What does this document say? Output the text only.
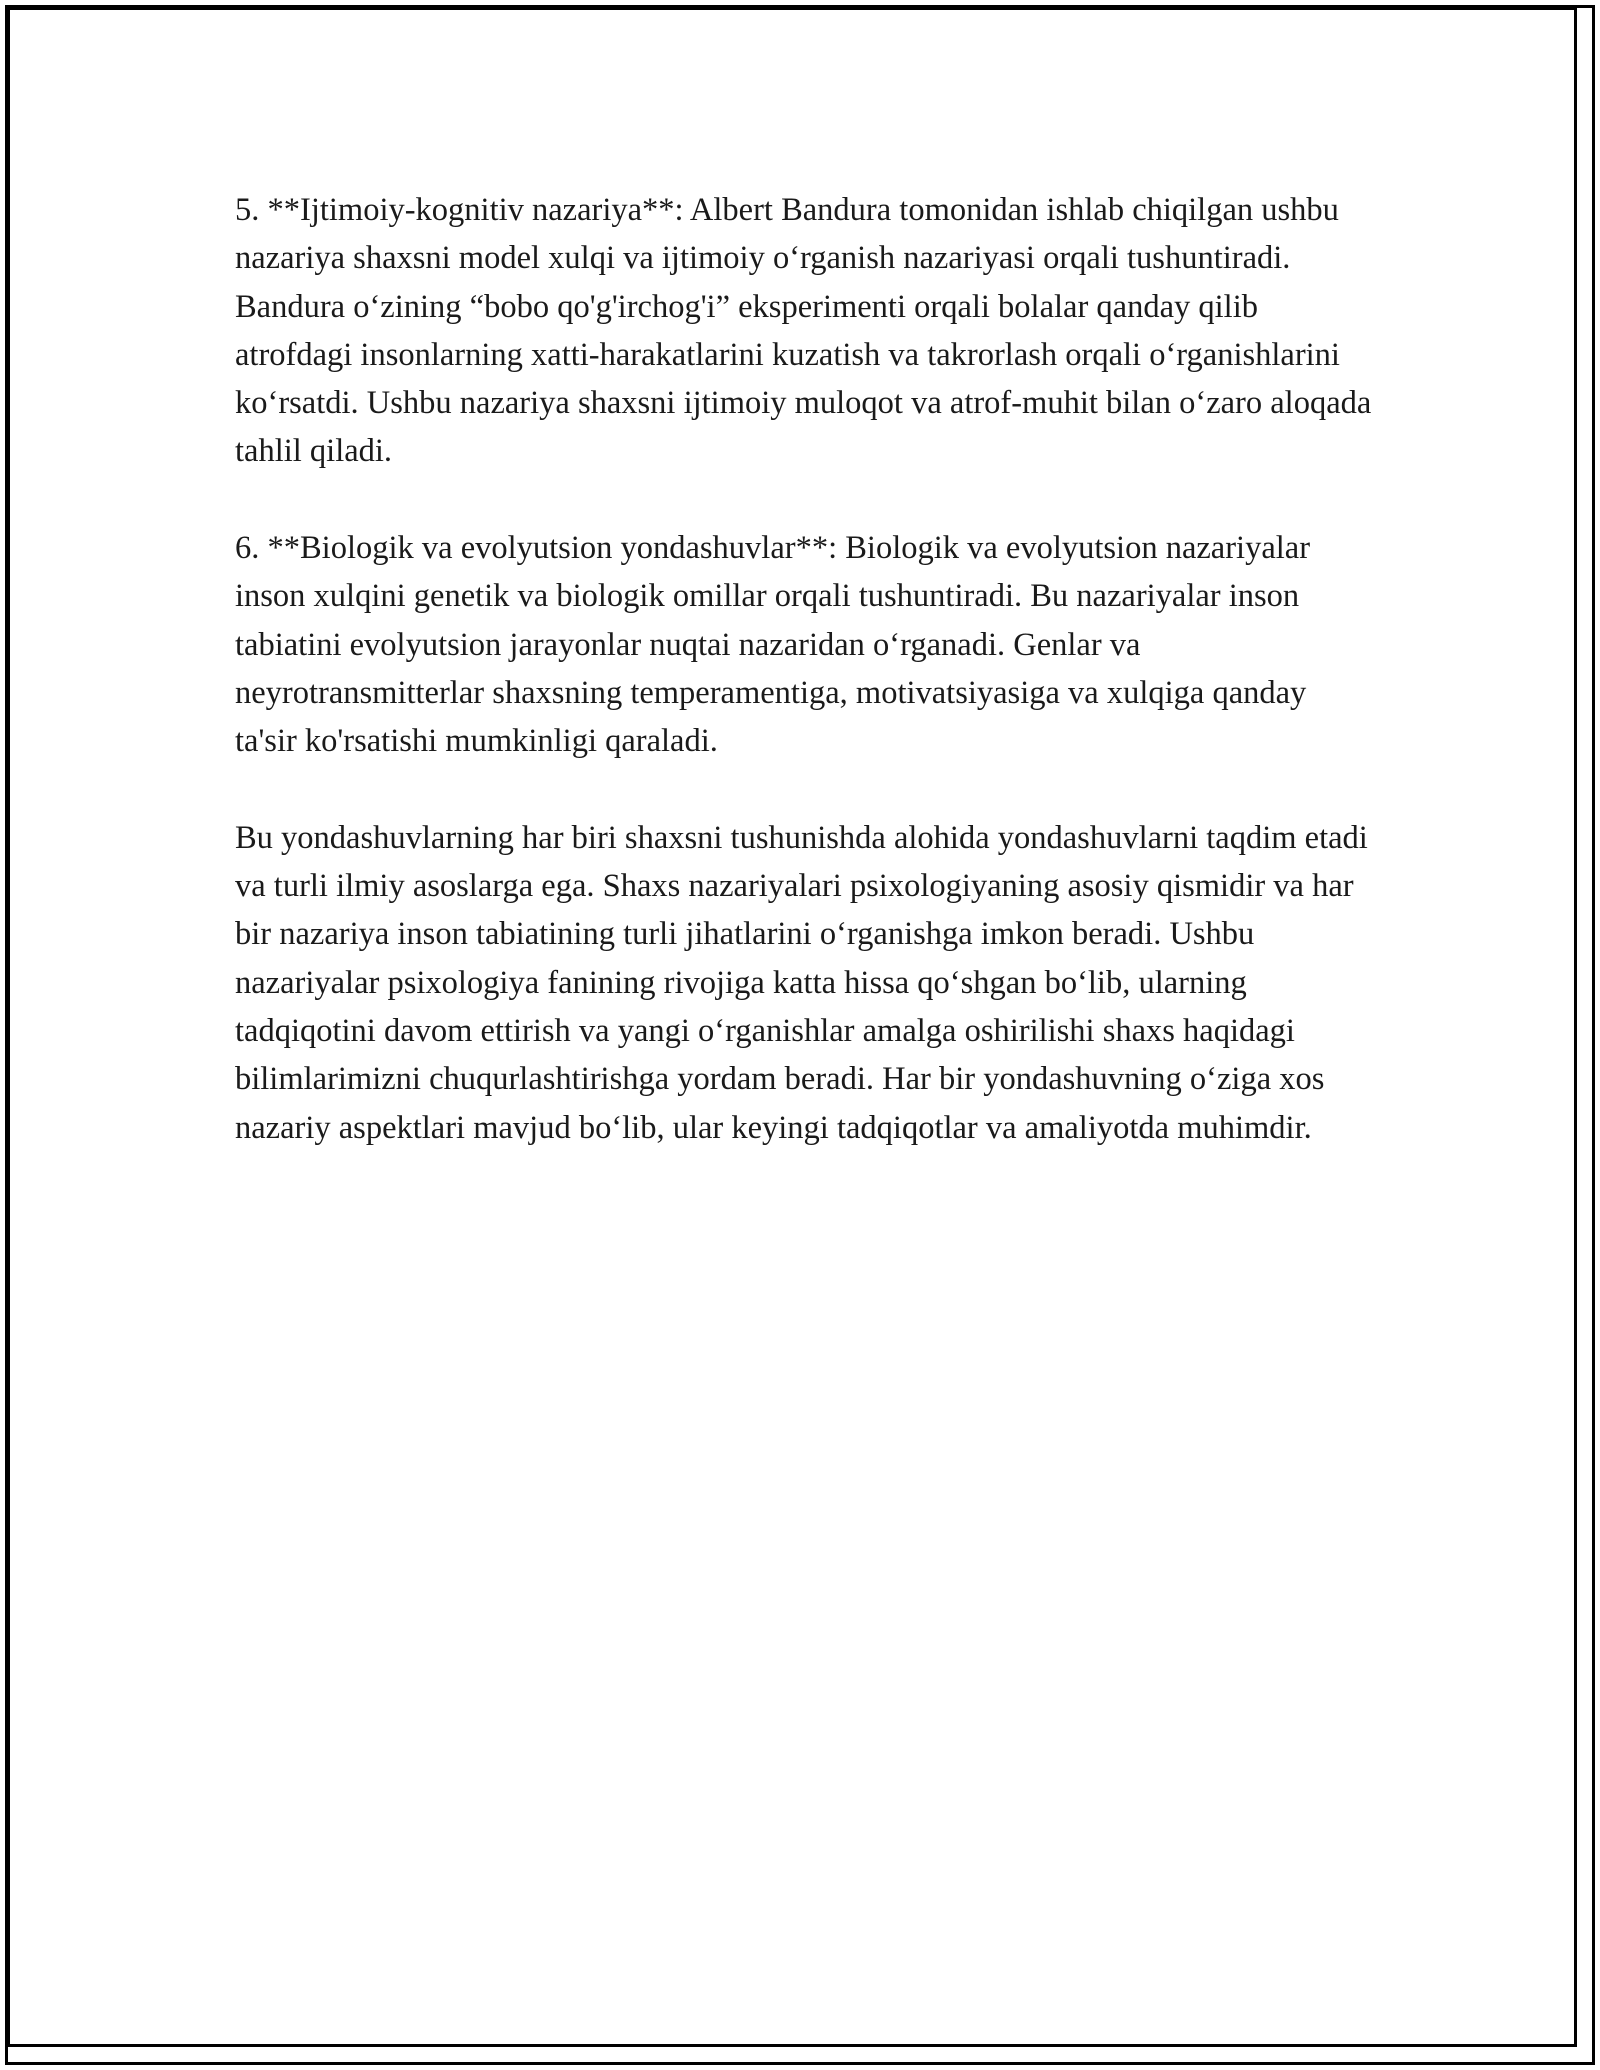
5. **Ijtimoiy-kognitiv nazariya**: Albert Bandura tomonidan ishlab chiqilgan ushbu nazariya shaxsni model xulqi va ijtimoiy o‘rganish nazariyasi orqali tushuntiradi. Bandura o‘zining “bobo qo'g'irchog'i” eksperimenti orqali bolalar qanday qilib atrofdagi insonlarning xatti-harakatlarini kuzatish va takrorlash orqali o‘rganishlarini ko‘rsatdi. Ushbu nazariya shaxsni ijtimoiy muloqot va atrof-muhit bilan o‘zaro aloqada tahlil qiladi.

6. **Biologik va evolyutsion yondashuvlar**: Biologik va evolyutsion nazariyalar inson xulqini genetik va biologik omillar orqali tushuntiradi. Bu nazariyalar inson tabiatini evolyutsion jarayonlar nuqtai nazaridan o‘rganadi. Genlar va neyrotransmitterlar shaxsning temperamentiga, motivatsiyasiga va xulqiga qanday ta'sir ko'rsatishi mumkinligi qaraladi.

Bu yondashuvlarning har biri shaxsni tushunishda alohida yondashuvlarni taqdim etadi va turli ilmiy asoslarga ega. Shaxs nazariyalari psixologiyaning asosiy qismidir va har bir nazariya inson tabiatining turli jihatlarini o‘rganishga imkon beradi. Ushbu nazariyalar psixologiya fanining rivojiga katta hissa qo‘shgan bo‘lib, ularning tadqiqotini davom ettirish va yangi o‘rganishlar amalga oshirilishi shaxs haqidagi bilimlarimizni chuqurlashtirishga yordam beradi. Har bir yondashuvning o‘ziga xos nazariy aspektlari mavjud bo‘lib, ular keyingi tadqiqotlar va amaliyotda muhimdir.
